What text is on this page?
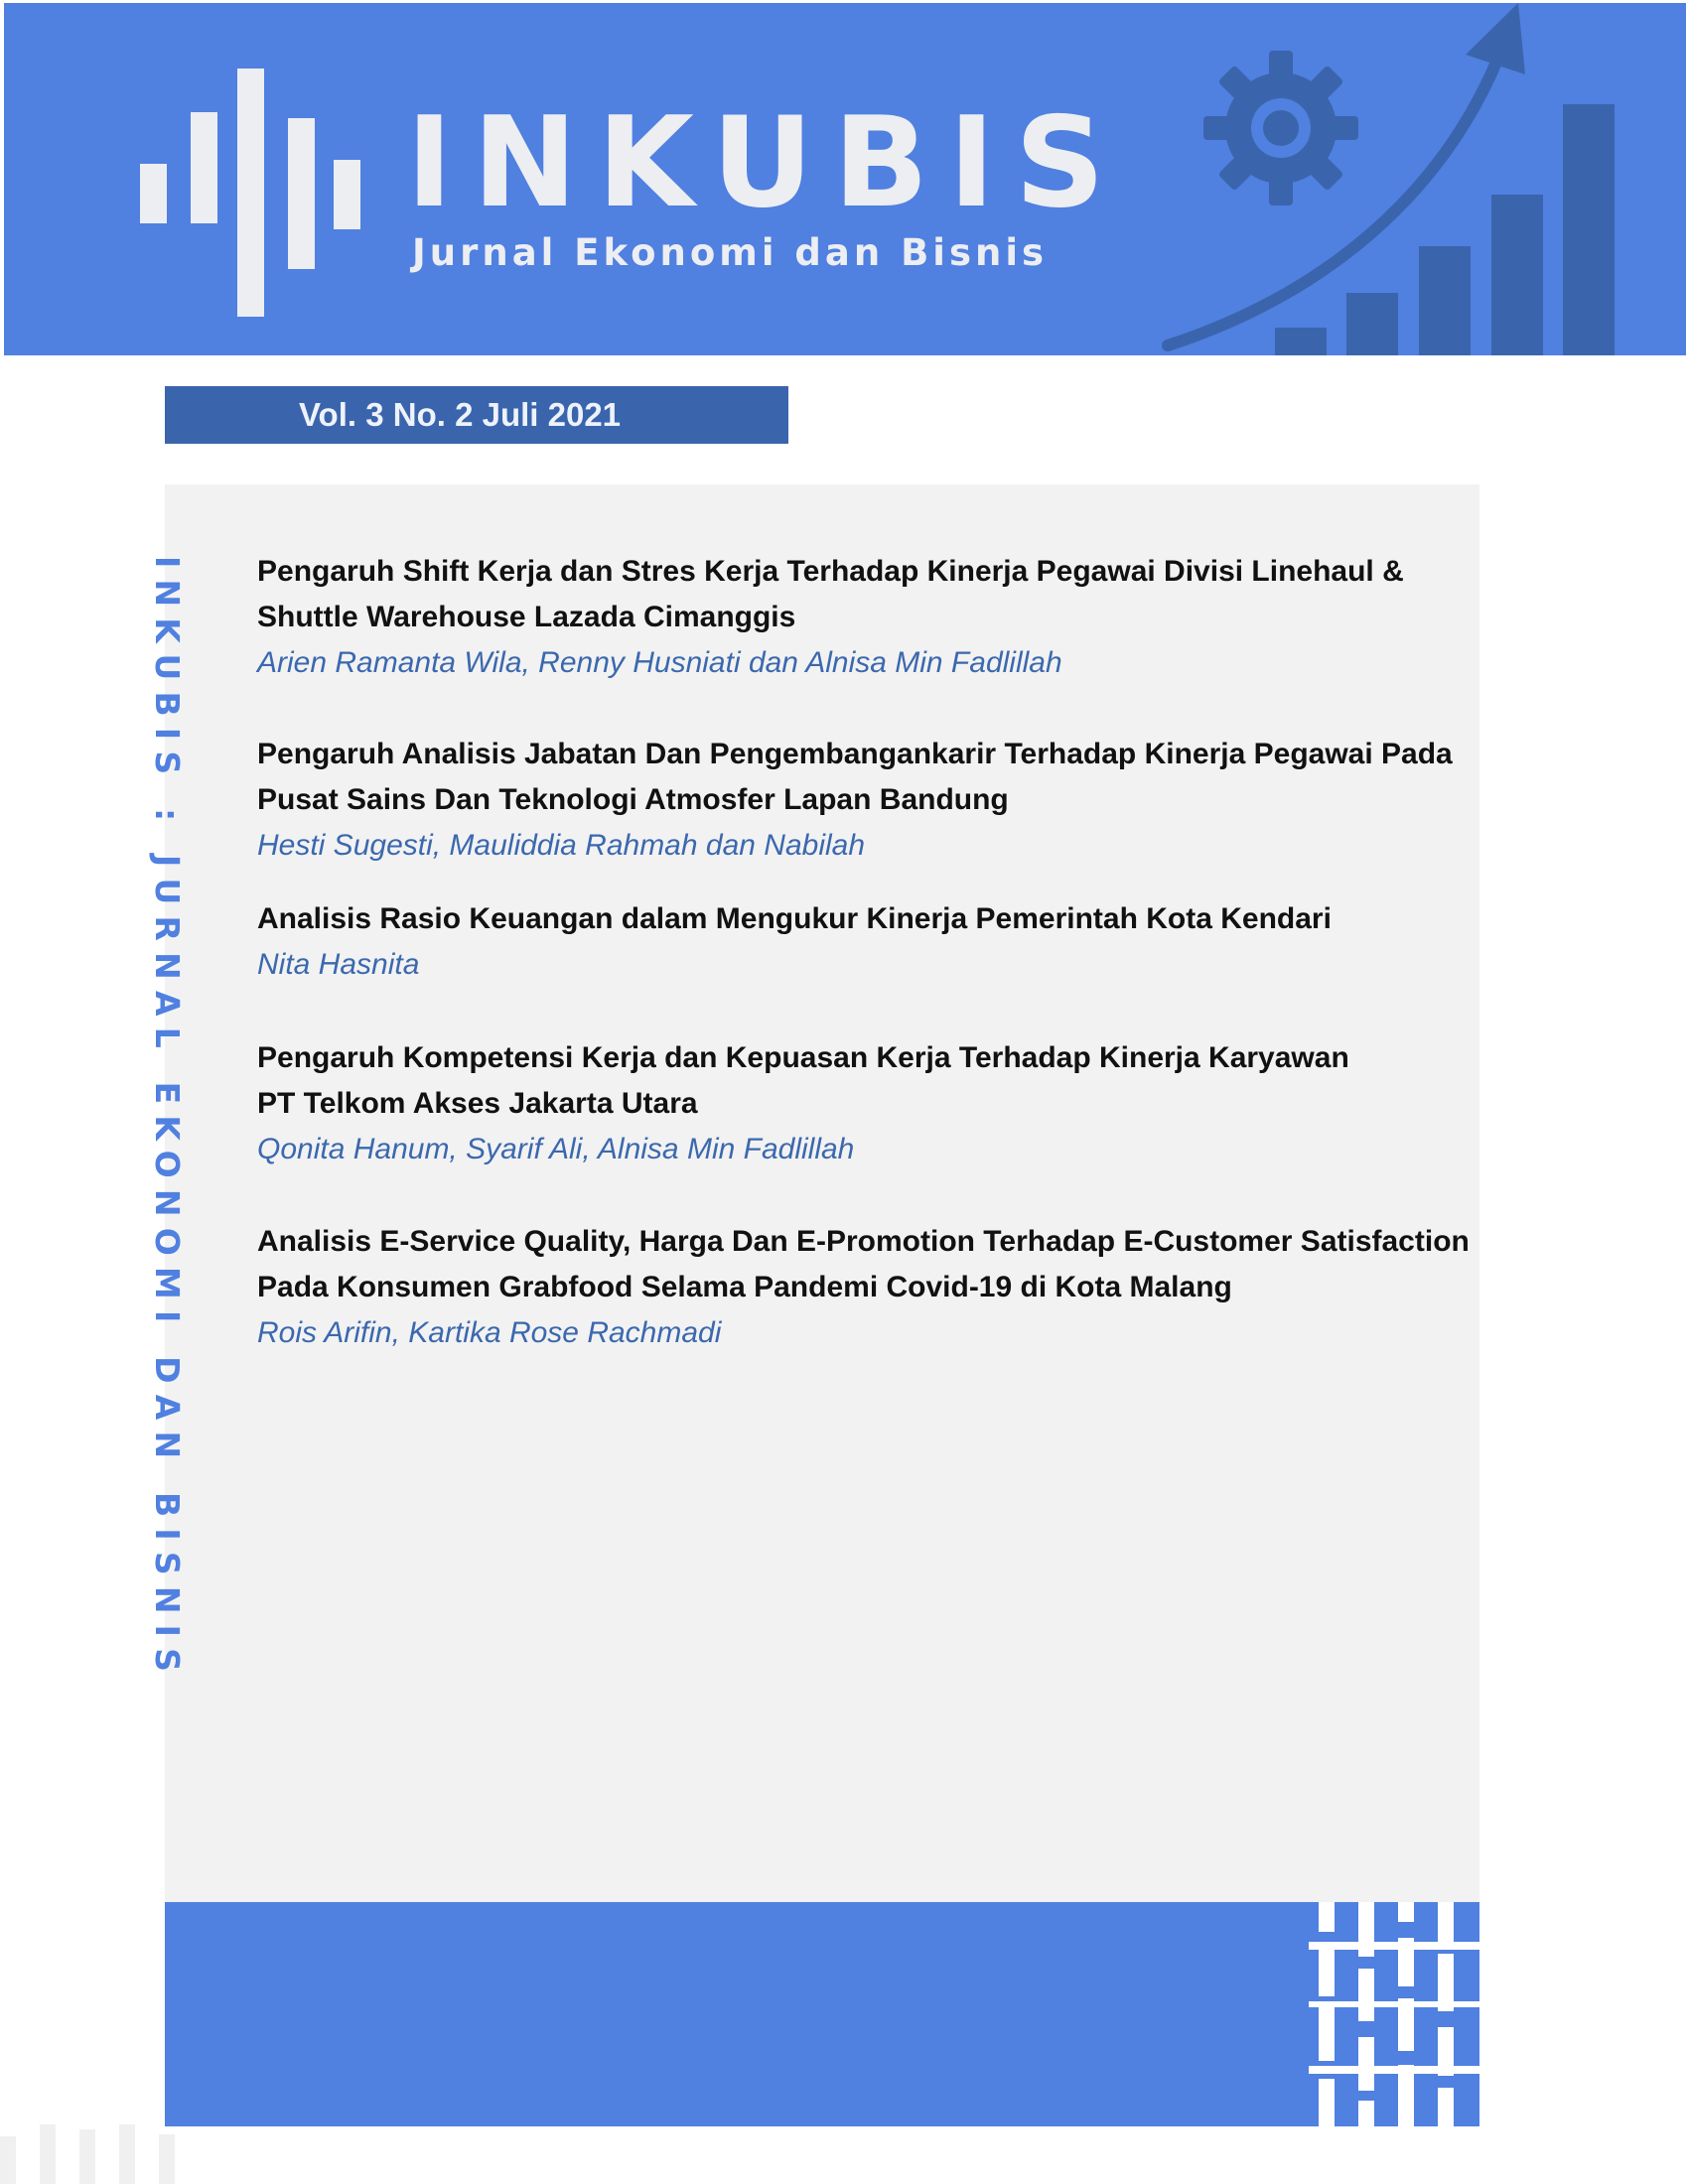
INKUBIS
Jurnal Ekonomi dan Bisnis
Vol. 3 No. 2 Juli 2021
INKUBIS : JURNAL EKONOMI DAN BISNIS Pengaruh Shift Kerja dan Stres Kerja Terhadap Kinerja Pegawai Divisi Linehaul &
Shuttle Warehouse Lazada Cimanggis
Arien Ramanta Wila, Renny Husniati dan Alnisa Min Fadlillah
Pengaruh Analisis Jabatan Dan Pengembangankarir Terhadap Kinerja Pegawai Pada
Pusat Sains Dan Teknologi Atmosfer Lapan Bandung
Hesti Sugesti, Mauliddia Rahmah dan Nabilah
Analisis Rasio Keuangan dalam Mengukur Kinerja Pemerintah Kota Kendari
Nita Hasnita
Pengaruh Kompetensi Kerja dan Kepuasan Kerja Terhadap Kinerja Karyawan
PT Telkom Akses Jakarta Utara
Qonita Hanum, Syarif Ali, Alnisa Min Fadlillah
Analisis E-Service Quality, Harga Dan E-Promotion Terhadap E-Customer Satisfaction
Pada Konsumen Grabfood Selama Pandemi Covid-19 di Kota Malang
Rois Arifin, Kartika Rose Rachmadi
